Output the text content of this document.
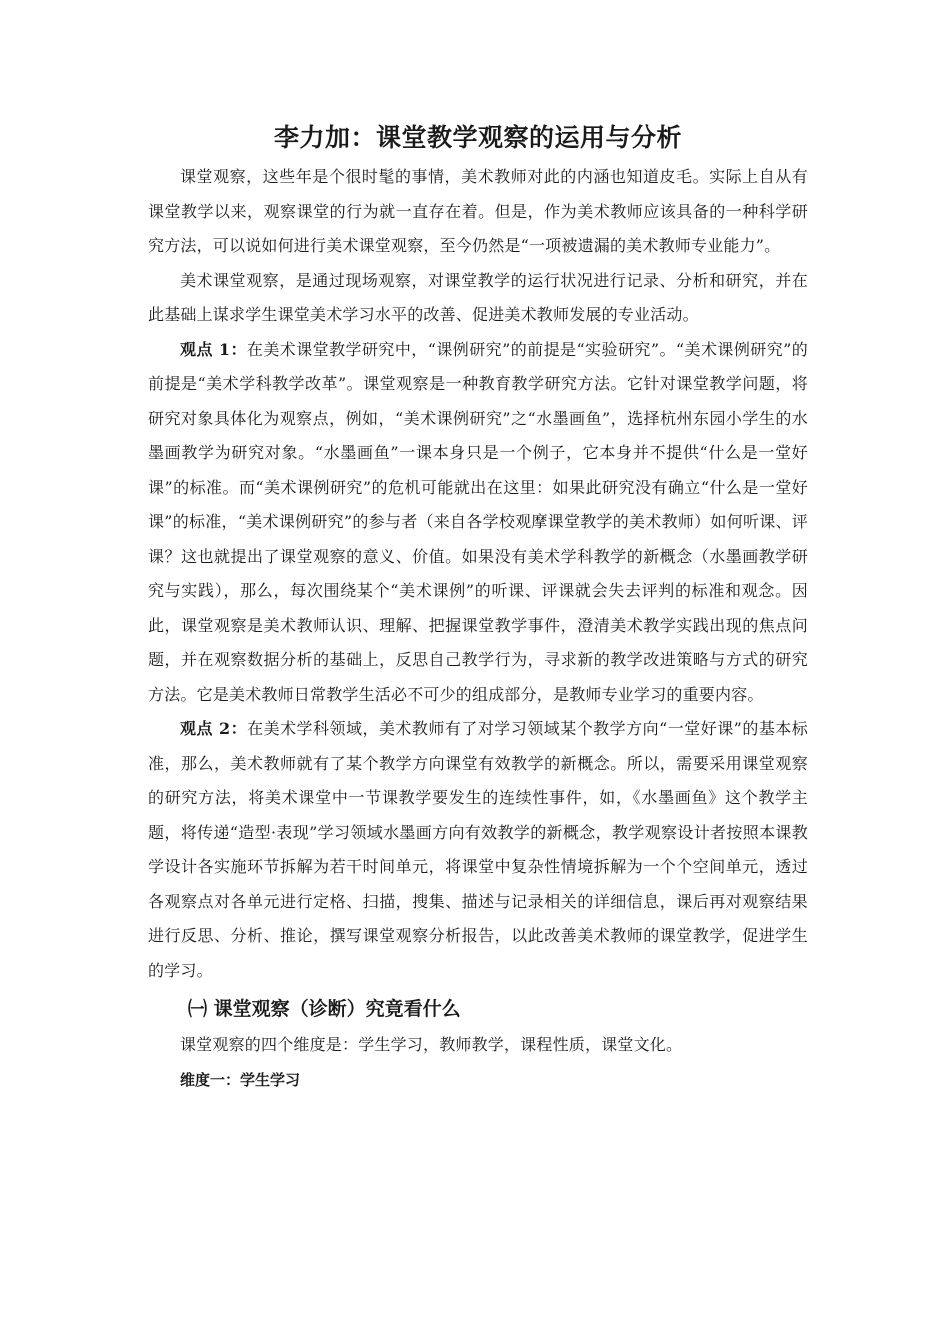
李力加：课堂教学观察的运用与分析

课堂观察，这些年是个很时髦的事情，美术教师对此的内涵也知道皮毛。实际上自从有课堂教学以来，观察课堂的行为就一直存在着。但是，作为美术教师应该具备的一种科学研究方法，可以说如何进行美术课堂观察，至今仍然是“一项被遗漏的美术教师专业能力”。

美术课堂观察，是通过现场观察，对课堂教学的运行状况进行记录、分析和研究，并在此基础上谋求学生课堂美术学习水平的改善、促进美术教师发展的专业活动。

观点 1：在美术课堂教学研究中，“课例研究”的前提是“实验研究”。“美术课例研究”的前提是“美术学科教学改革”。课堂观察是一种教育教学研究方法。它针对课堂教学问题，将研究对象具体化为观察点，例如，“美术课例研究”之“水墨画鱼”，选择杭州东园小学生的水墨画教学为研究对象。“水墨画鱼”一课本身只是一个例子，它本身并不提供“什么是一堂好课”的标准。而“美术课例研究”的危机可能就出在这里：如果此研究没有确立“什么是一堂好课”的标准，“美术课例研究”的参与者（来自各学校观摩课堂教学的美术教师）如何听课、评课？这也就提出了课堂观察的意义、价值。如果没有美术学科教学的新概念（水墨画教学研究与实践），那么，每次围绕某个“美术课例”的听课、评课就会失去评判的标准和观念。因此，课堂观察是美术教师认识、理解、把握课堂教学事件，澄清美术教学实践出现的焦点问题，并在观察数据分析的基础上，反思自己教学行为，寻求新的教学改进策略与方式的研究方法。它是美术教师日常教学生活必不可少的组成部分，是教师专业学习的重要内容。

观点 2：在美术学科领域，美术教师有了对学习领域某个教学方向“一堂好课”的基本标准，那么，美术教师就有了某个教学方向课堂有效教学的新概念。所以，需要采用课堂观察的研究方法，将美术课堂中一节课教学要发生的连续性事件，如，《水墨画鱼》这个教学主题，将传递“造型·表现”学习领域水墨画方向有效教学的新概念，教学观察设计者按照本课教学设计各实施环节拆解为若干时间单元，将课堂中复杂性情境拆解为一个个空间单元，透过各观察点对各单元进行定格、扫描，搜集、描述与记录相关的详细信息，课后再对观察结果进行反思、分析、推论，撰写课堂观察分析报告，以此改善美术教师的课堂教学，促进学生的学习。

㈠ 课堂观察（诊断）究竟看什么

课堂观察的四个维度是：学生学习，教师教学，课程性质，课堂文化。

维度一：学生学习
